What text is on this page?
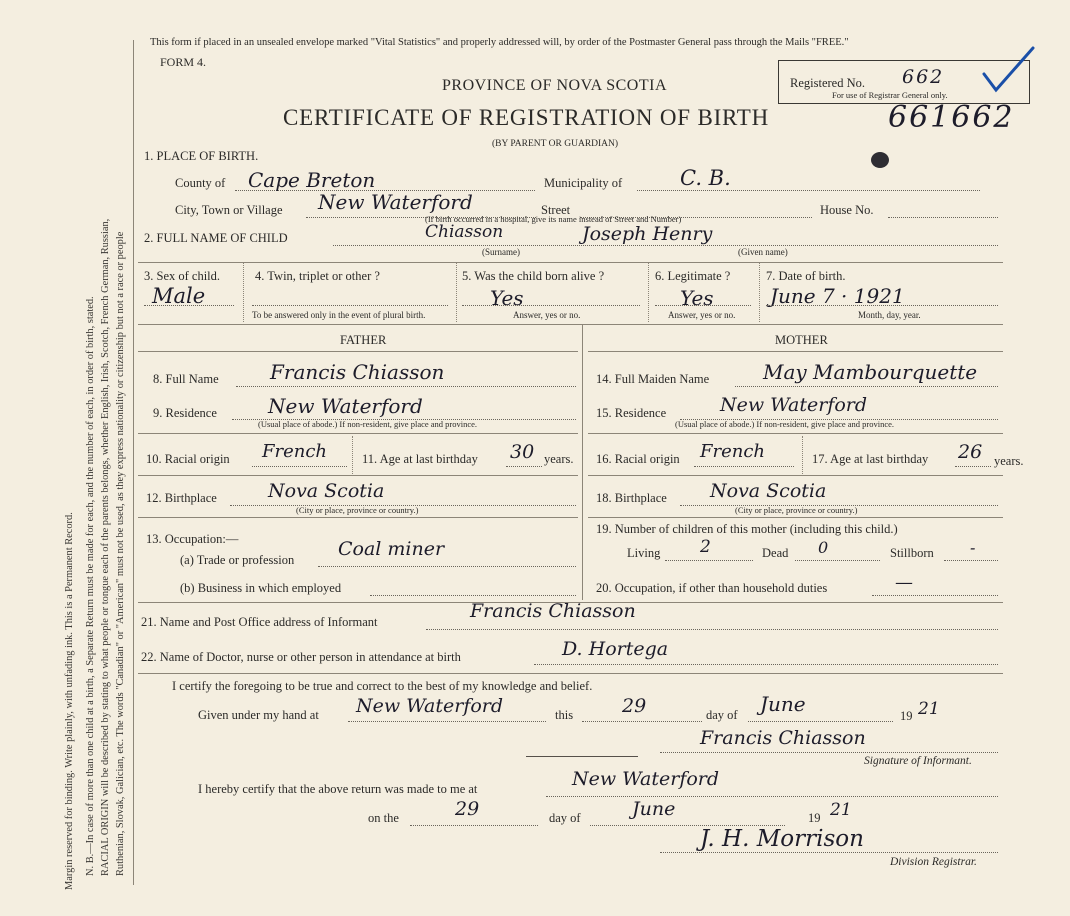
Margin reserved for binding. Write plainly, with unfading ink. This is a Permanent Record. N. B.—In case of more than one child at a birth, a Separate Return must be made for each, and the number of each, in order of birth, stated. RACIAL ORIGIN will be described by stating to what people or tongue each of the parents belongs, whether English, Irish, Scotch, French German, Russian, Ruthenian, Slovak, Galician, etc. The words "Canadian" or "American" must not be used, as they express nationality or citizenship but not a race or people
This form if placed in an unsealed envelope marked "Vital Statistics" and properly addressed will, by order of the Postmaster General pass through the Mails "FREE."
FORM 4.
PROVINCE OF NOVA SCOTIA
CERTIFICATE OF REGISTRATION OF BIRTH
(BY PARENT OR GUARDIAN)
661662
Registered No. 662
For use of Registrar General only.
1. PLACE OF BIRTH.
County of Cape Breton	Municipality of	C. B.
City, Town or Village New Waterford	Street	House No.
(If birth occurred in a hospital, give its name instead of Street and Number)
2. FULL NAME OF CHILD	Chiasson	Joseph Henry
(Surname)	(Given name)
3. Sex of child.
Male
4. Twin, triplet or other ?
To be answered only in the event of plural birth.
5. Was the child born alive ?
Yes
Answer, yes or no.
6. Legitimate ?
Yes
Answer, yes or no.
7. Date of birth.
June 7 · 1921
Month, day, year.
FATHER	MOTHER
8. Full Name	Francis Chiasson	14. Full Maiden Name	May Mambourquette
9. Residence	New Waterford
(Usual place of abode.) If non-resident, give place and province.
15. Residence	New Waterford
(Usual place of abode.) If non-resident, give place and province.
10. Racial origin French	11. Age at last birthday 30 years. 16. Racial origin French	17. Age at last birthday 26 years.
12. Birthplace	Nova Scotia
(City or place, province or country.)
18. Birthplace Nova Scotia
(City or place, province or country.)
13. Occupation:—
(a) Trade or profession Coal miner
(b) Business in which employed
19. Number of children of this mother (including this child.)
Living 2	Dead 0	Stillborn -
20. Occupation, if other than household duties	—
21. Name and Post Office address of Informant	Francis Chiasson
22. Name of Doctor, nurse or other person in attendance at birth	D. Hortega
I certify the foregoing to be true and correct to the best of my knowledge and belief.
Given under my hand at New Waterford	this	29	day of June	19 21
Francis Chiasson
Signature of Informant.
I hereby certify that the above return was made to me at	New Waterford
on the	29	day of	June	19 21
J. H. Morrison
Division Registrar.
